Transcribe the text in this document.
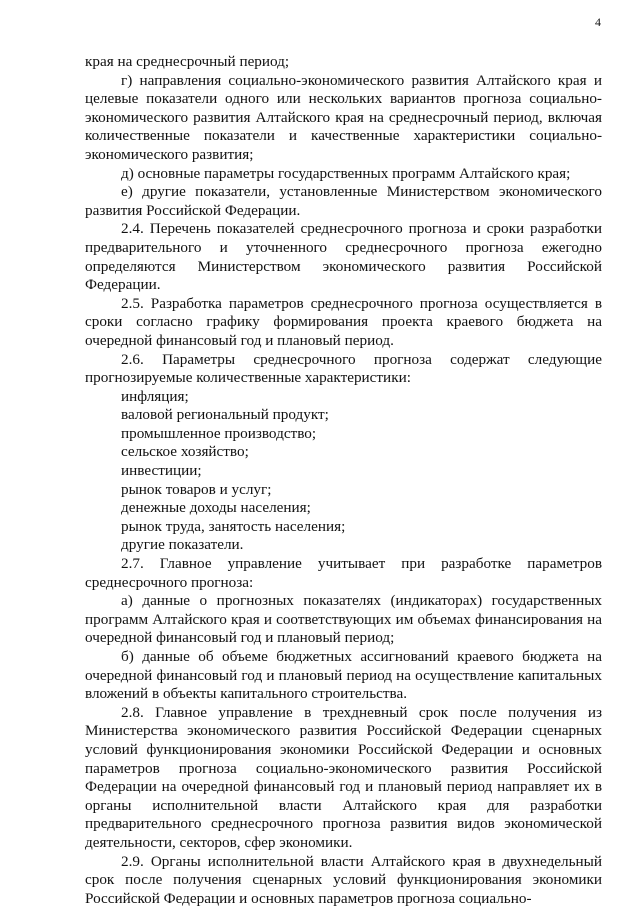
4

края на среднесрочный период;

г) направления социально-экономического развития Алтайского края и целевые показатели одного или нескольких вариантов прогноза социально-экономического развития Алтайского края на среднесрочный период, включая количественные показатели и качественные характеристики социально-экономического развития;

д) основные параметры государственных программ Алтайского края;

е) другие показатели, установленные Министерством экономического развития Российской Федерации.

2.4. Перечень показателей среднесрочного прогноза и сроки разработки предварительного и уточненного среднесрочного прогноза ежегодно определяются Министерством экономического развития Российской Федерации.

2.5. Разработка параметров среднесрочного прогноза осуществляется в сроки согласно графику формирования проекта краевого бюджета на очередной финансовый год и плановый период.

2.6. Параметры среднесрочного прогноза содержат следующие прогнозируемые количественные характеристики:

инфляция;

валовой региональный продукт;

промышленное производство;

сельское хозяйство;

инвестиции;

рынок товаров и услуг;

денежные доходы населения;

рынок труда, занятость населения;

другие показатели.

2.7. Главное управление учитывает при разработке параметров среднесрочного прогноза:

а) данные о прогнозных показателях (индикаторах) государственных программ Алтайского края и соответствующих им объемах финансирования на очередной финансовый год и плановый период;

б) данные об объеме бюджетных ассигнований краевого бюджета на очередной финансовый год и плановый период на осуществление капитальных вложений в объекты капитального строительства.

2.8. Главное управление в трехдневный срок после получения из Министерства экономического развития Российской Федерации сценарных условий функционирования экономики Российской Федерации и основных параметров прогноза социально-экономического развития Российской Федерации на очередной финансовый год и плановый период направляет их в органы исполнительной власти Алтайского края для разработки предварительного среднесрочного прогноза развития видов экономической деятельности, секторов, сфер экономики.

2.9. Органы исполнительной власти Алтайского края в двухнедельный срок после получения сценарных условий функционирования экономики Российской Федерации и основных параметров прогноза социально-
